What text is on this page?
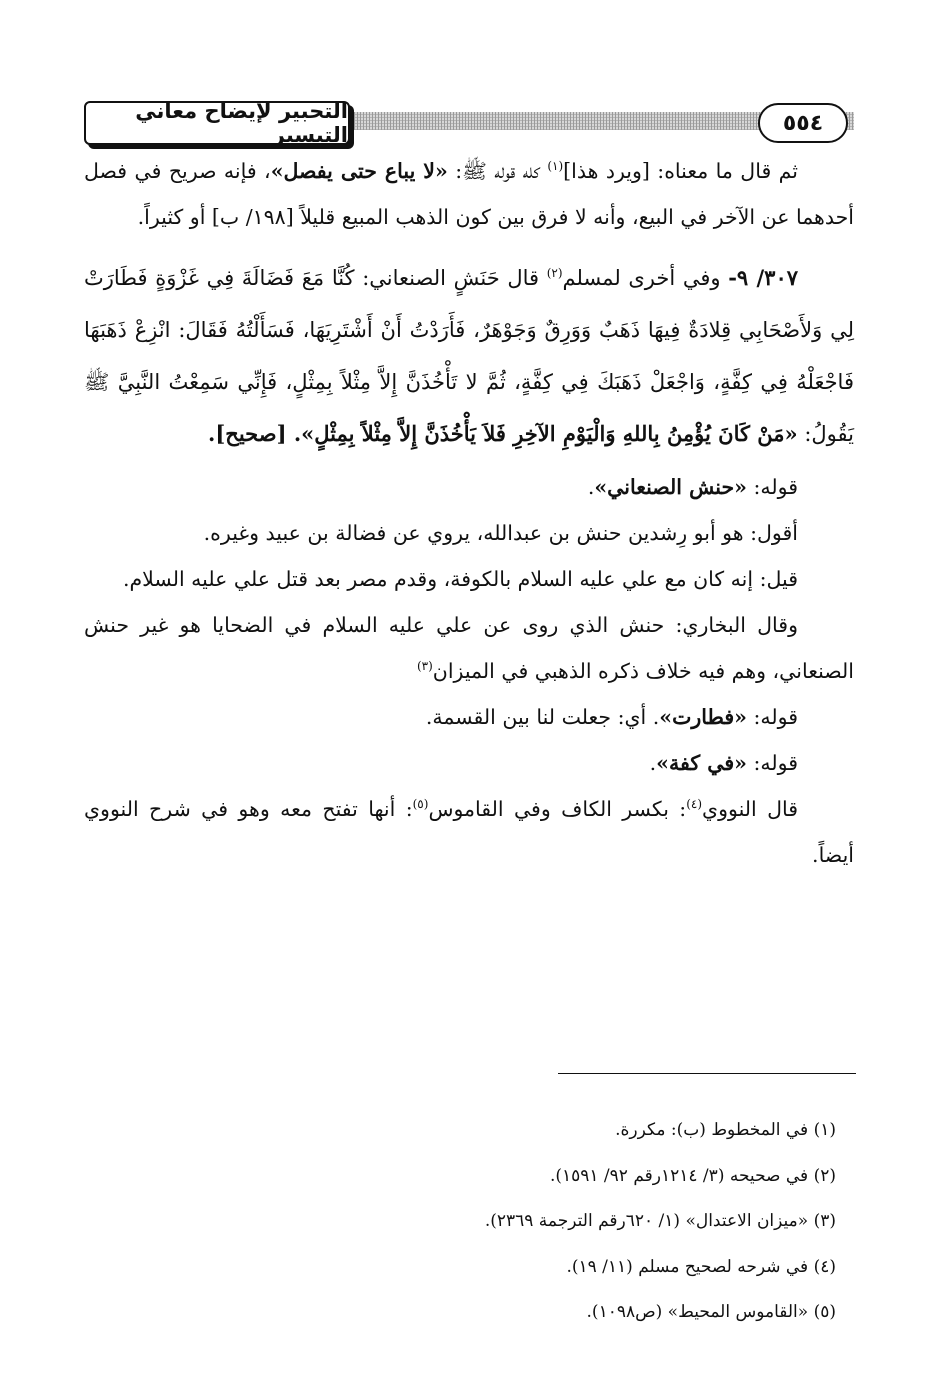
التحبير لإيضاح معاني التيسير	٥٥٤

ثم قال ما معناه: [ويرد هذا]$^{(١)}$ كله قوله ﷺ: «لا يباع حتى يفصل»، فإنه صريح في فصل أحدهما عن الآخر في البيع، وأنه لا فرق بين كون الذهب المبيع قليلاً [١٩٨/ ب] أو كثيراً.

٣٠٧/ ٩- وفي أخرى لمسلم$^{(٢)}$ قال حَنَشٍ الصنعاني: كُنَّا مَعَ فَضَالَةَ فِي غَزْوَةٍ فَطَارَتْ لِي وَلأَصْحَابِي قِلادَةٌ فِيهَا ذَهَبٌ وَوَرِقٌ وَجَوْهَرٌ، فَأَرَدْتُ أَنْ أَشْتَرِيَهَا، فَسَأَلْتُهُ فَقَالَ: انْزِعْ ذَهَبَهَا فَاجْعَلْهُ فِي كِفَّةٍ، وَاجْعَلْ ذَهَبَكَ فِي كِفَّةٍ، ثُمَّ لا تَأْخُذَنَّ إِلاَّ مِثْلاً بِمِثْلٍ، فَإِنِّي سَمِعْتُ النَّبِيَّ ﷺ يَقُولُ: «مَنْ كَانَ يُؤْمِنُ بِاللهِ وَالْيَوْمِ الآخِرِ فَلاَ يَأْخُذَنَّ إِلاَّ مِثْلاً بِمِثْلٍ». [صحيح].

قوله: «حنش الصنعاني».

أقول: هو أبو رِشدين حنش بن عبدالله، يروي عن فضالة بن عبيد وغيره.

قيل: إنه كان مع علي عليه السلام بالكوفة، وقدم مصر بعد قتل علي عليه السلام.

وقال البخاري: حنش الذي روى عن علي عليه السلام في الضحايا هو غير حنش الصنعاني، وهم فيه خلاف ذكره الذهبي في الميزان$^{(٣)}$

قوله: «فطارت». أي: جعلت لنا بين القسمة.

قوله: «في كفة».

قال النووي$^{(٤)}$: بكسر الكاف وفي القاموس$^{(٥)}$: أنها تفتح معه وهو في شرح النووي أيضاً.

(١) في المخطوط (ب): مكررة.

(٢) في صحيحه (٣/ ١٢١٤رقم ٩٢/ ١٥٩١).

(٣) «ميزان الاعتدال» (١/ ٦٢٠رقم الترجمة ٢٣٦٩).

(٤) في شرحه لصحيح مسلم (١١/ ١٩).

(٥) «القاموس المحيط» (ص١٠٩٨).
